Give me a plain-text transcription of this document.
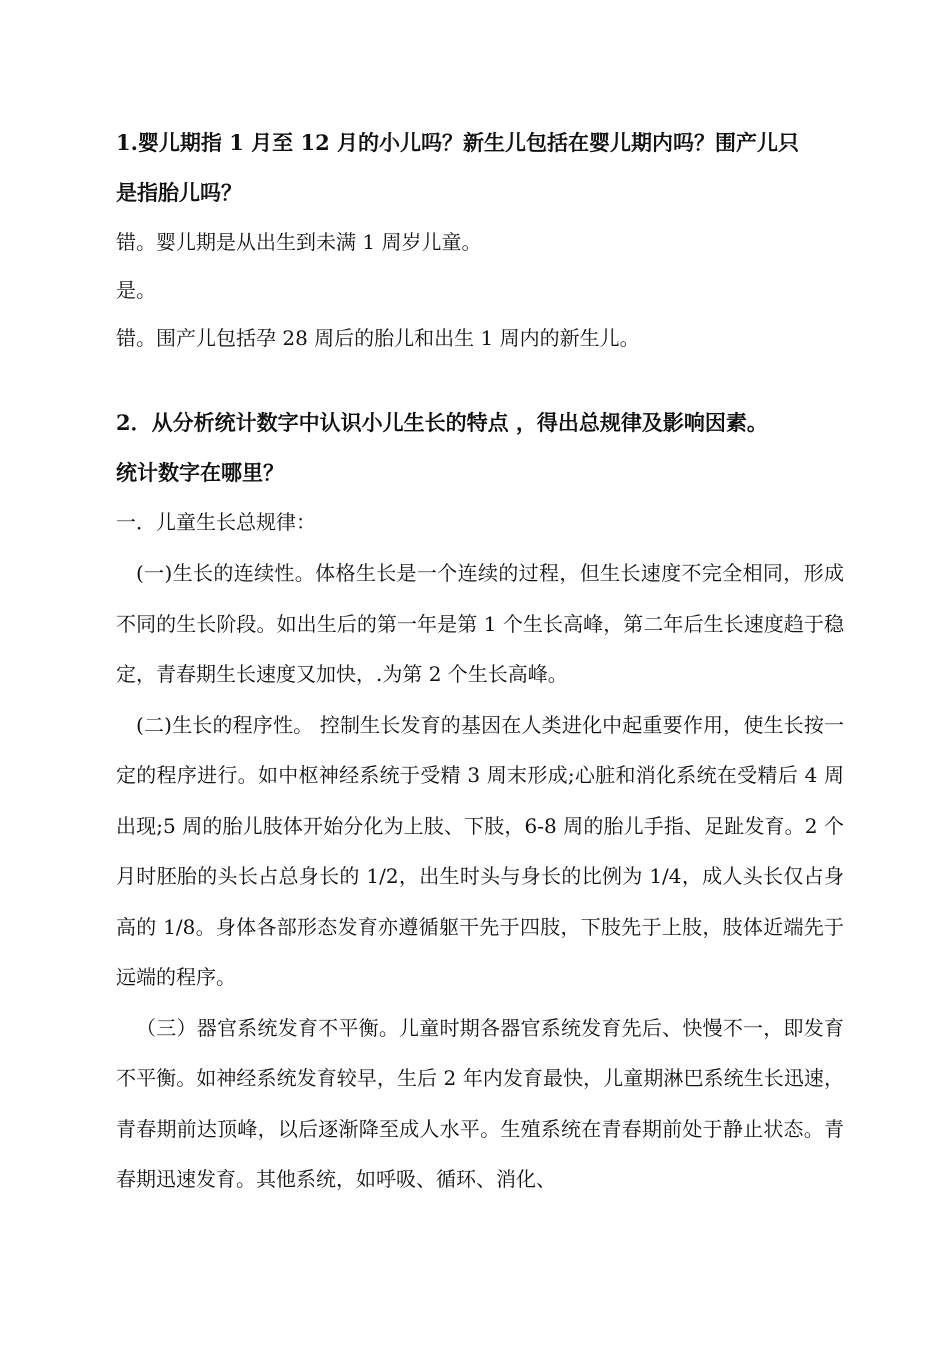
1.婴儿期指 1 月至 12 月的小儿吗？新生儿包括在婴儿期内吗？围产儿只

是指胎儿吗？

错。婴儿期是从出生到未满 1 周岁儿童。

是。

错。围产儿包括孕 28 周后的胎儿和出生 1 周内的新生儿。

2．从分析统计数字中认识小儿生长的特点 ，得出总规律及影响因素。

统计数字在哪里？

一．儿童生长总规律：

(一)生长的连续性。体格生长是一个连续的过程，但生长速度不完全相同，形成不同的生长阶段。如出生后的第一年是第 1 个生长高峰，第二年后生长速度趋于稳定，青春期生长速度又加快，.为第 2 个生长高峰。

(二)生长的程序性。 控制生长发育的基因在人类进化中起重要作用，使生长按一定的程序进行。如中枢神经系统于受精 3 周末形成;心脏和消化系统在受精后 4 周出现;5 周的胎儿肢体开始分化为上肢、下肢，6-8 周的胎儿手指、足趾发育。2 个月时胚胎的头长占总身长的 1/2，出生时头与身长的比例为 1/4，成人头长仅占身高的 1/8。身体各部形态发育亦遵循躯干先于四肢，下肢先于上肢，肢体近端先于远端的程序。

（三）器官系统发育不平衡。儿童时期各器官系统发育先后、快慢不一，即发育不平衡。如神经系统发育较早，生后 2 年内发育最快，儿童期淋巴系统生长迅速，青春期前达顶峰，以后逐渐降至成人水平。生殖系统在青春期前处于静止状态。青春期迅速发育。其他系统，如呼吸、循环、消化、
